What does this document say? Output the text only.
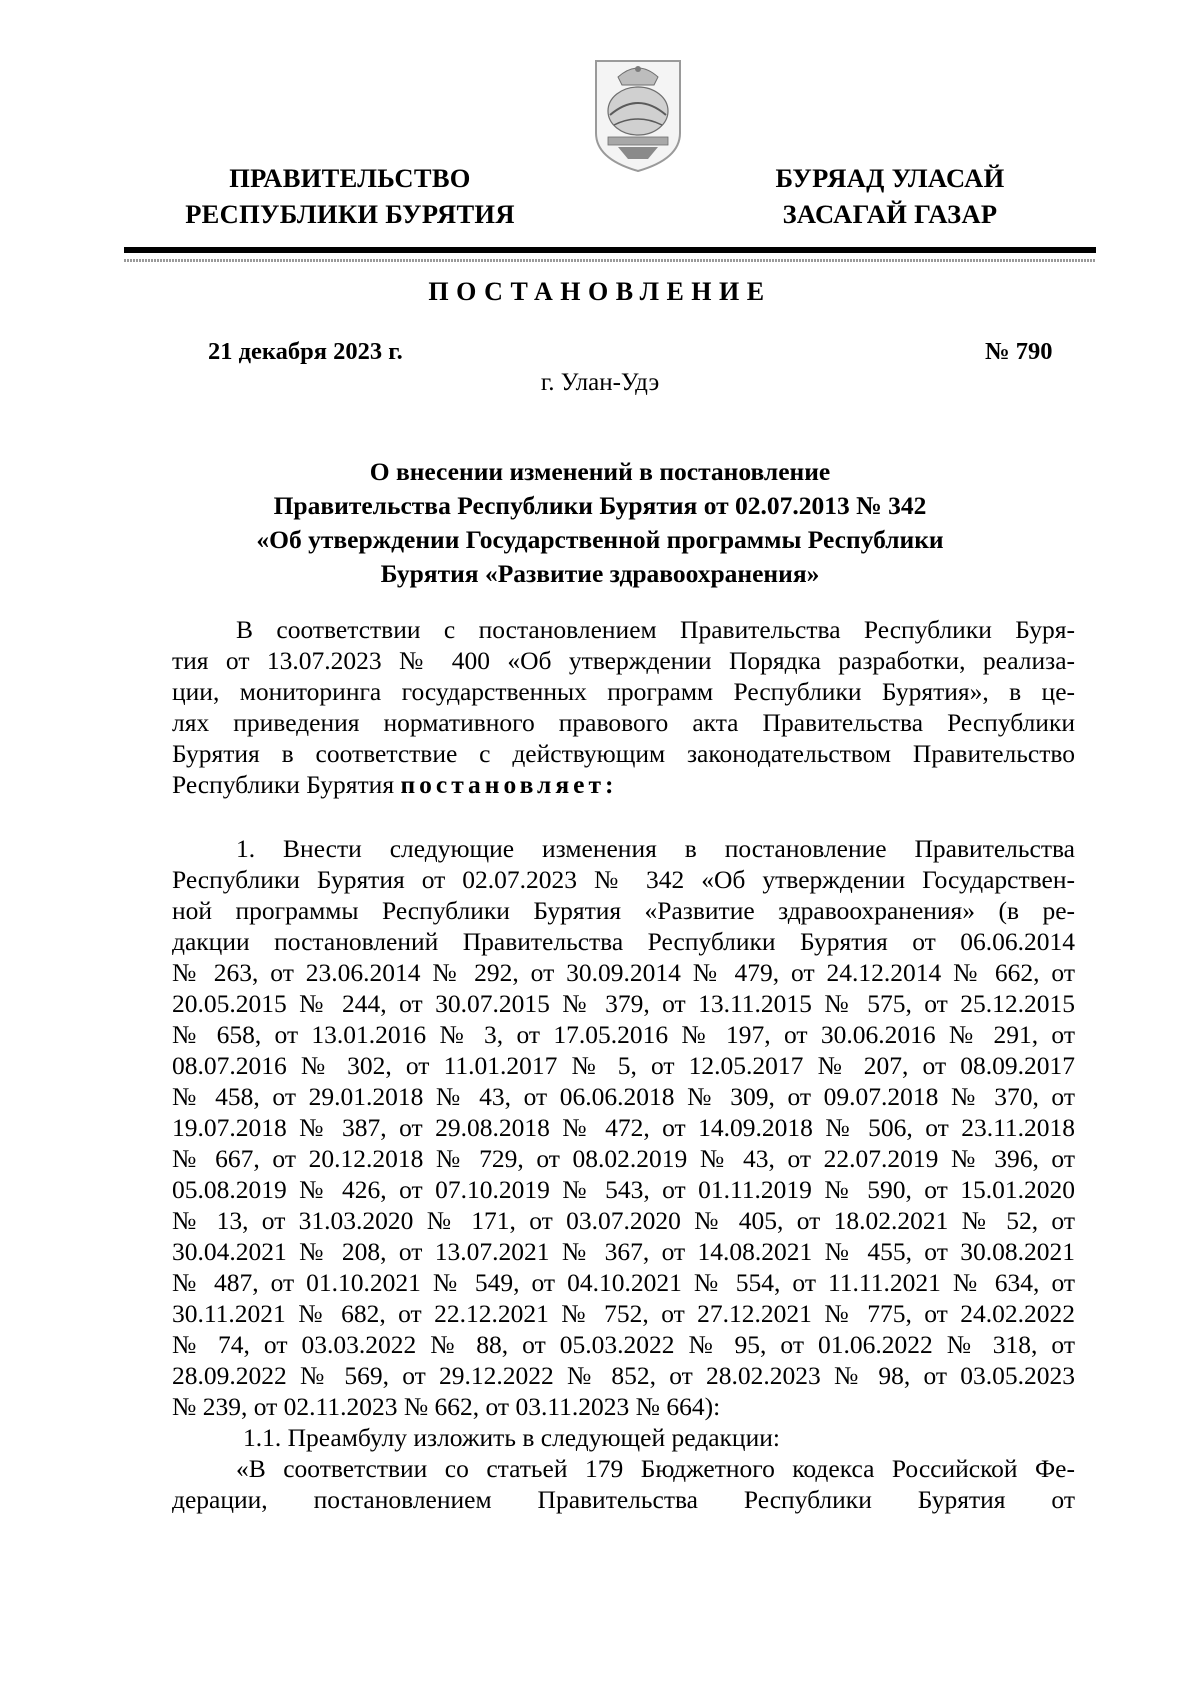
ПРАВИТЕЛЬСТВО
РЕСПУБЛИКИ БУРЯТИЯ
БУРЯАД УЛАСАЙ
ЗАСАГАЙ ГАЗАР
ПОСТАНОВЛЕНИЕ
21 декабря 2023 г.	№ 790
г. Улан-Удэ
О внесении изменений в постановление
Правительства Республики Бурятия от 02.07.2013 № 342
«Об утверждении Государственной программы Республики
Бурятия «Развитие здравоохранения»
В соответствии с постановлением Правительства Республики Буря-
тия от 13.07.2023 № 400 «Об утверждении Порядка разработки, реализа-
ции, мониторинга государственных программ Республики Бурятия», в це-
лях приведения нормативного правового акта Правительства Республики
Бурятия в соответствие с действующим законодательством Правительство
Республики Бурятия постановляет:
1. Внести следующие изменения в постановление Правительства
Республики Бурятия от 02.07.2023 № 342 «Об утверждении Государствен-
ной программы Республики Бурятия «Развитие здравоохранения» (в ре-
дакции постановлений Правительства Республики Бурятия от 06.06.2014
№ 263, от 23.06.2014 № 292, от 30.09.2014 № 479, от 24.12.2014 № 662, от
20.05.2015 № 244, от 30.07.2015 № 379, от 13.11.2015 № 575, от 25.12.2015
№ 658, от 13.01.2016 № 3, от 17.05.2016 № 197, от 30.06.2016 № 291, от
08.07.2016 № 302, от 11.01.2017 № 5, от 12.05.2017 № 207, от 08.09.2017
№ 458, от 29.01.2018 № 43, от 06.06.2018 № 309, от 09.07.2018 № 370, от
19.07.2018 № 387, от 29.08.2018 № 472, от 14.09.2018 № 506, от 23.11.2018
№ 667, от 20.12.2018 № 729, от 08.02.2019 № 43, от 22.07.2019 № 396, от
05.08.2019 № 426, от 07.10.2019 № 543, от 01.11.2019 № 590, от 15.01.2020
№ 13, от 31.03.2020 № 171, от 03.07.2020 № 405, от 18.02.2021 № 52, от
30.04.2021 № 208, от 13.07.2021 № 367, от 14.08.2021 № 455, от 30.08.2021
№ 487, от 01.10.2021 № 549, от 04.10.2021 № 554, от 11.11.2021 № 634, от
30.11.2021 № 682, от 22.12.2021 № 752, от 27.12.2021 № 775, от 24.02.2022
№ 74, от 03.03.2022 № 88, от 05.03.2022 № 95, от 01.06.2022 № 318, от
28.09.2022 № 569, от 29.12.2022 № 852, от 28.02.2023 № 98, от 03.05.2023
№ 239, от 02.11.2023 № 662, от 03.11.2023 № 664):
1.1. Преамбулу изложить в следующей редакции:
«В соответствии со статьей 179 Бюджетного кодекса Российской Фе-
дерации, постановлением Правительства Республики Бурятия от
